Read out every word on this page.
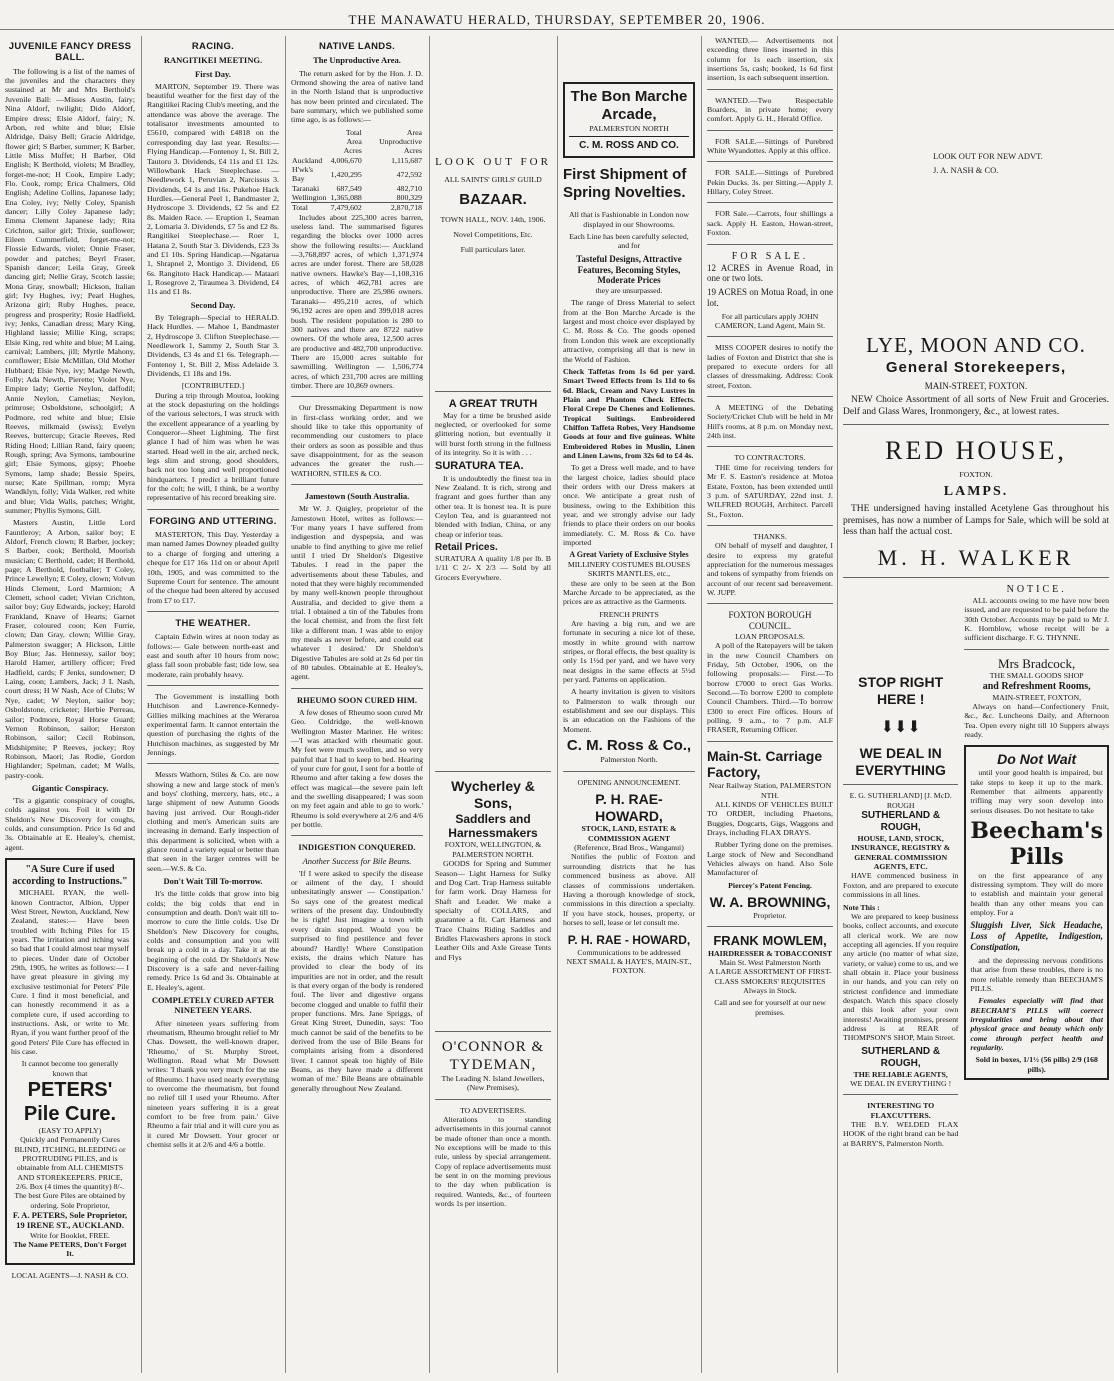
THE MANAWATU HERALD, THURSDAY, SEPTEMBER 20, 1906.
JUVENILE FANCY DRESS BALL.

The following is a list of the names of the juveniles and the characters they sustained at Mr and Mrs Berthold's Juvenile Ball: —Misses Austin, fairy; Nina Aldorf, twilight; Dido Aldorf, Empire dress; Elsie Aldorf, fairy; N. Arbon, red white and blue; Elsie Aldridge, Daisy Bell; Gracie Aldridge, flower girl; S Barber, summer; K Barber, Little Miss Muffet; H Barber, Old English; K Berthold, violets; M Bradley, forget-me-not; H Cook, Empire Lady; Flo. Cook, romp; Erica Chalmers, Old English; Adeline Collins, Japanese lady; Ena Coley, ivy; Nelly Coley, Spanish dancer; Lilly Coley Japanese lady; Emma Clement Japanese lady; Rita Crichton, sailor girl; Trixie, sunflower; Eileen Cummerfield, forget-me-not; Flossie Edwards, violet; Onnie Fraser, powder and patches; Beyrl Fraser, Spanish dancer; Leila Gray, Greek dancing girl; Nellie Gray, Scotch lassie; Mona Gray, snowball; Hickson, Italian girl; Ivy Hughes, ivy; Pearl Hughes, Arizona girl; Ruby Hughes, peace, progress and prosperity; Rosie Hadfield, ivy; Jenks, Canadian dress; Mary King, Highland lassie; Millie King, scraps; Elsie King, red white and blue; M Laing, carnival; Lambers, jill; Myrtle Mahony, cornflower; Elsie McMillan, Old Mother Hubbard; Elsie Nye, ivy; Madge Newth, Folly; Ada Newth, Pierette; Violet Nye, Empire lady; Gertie Neylon, daffodil; Annie Neylon, Camelias; Neylon, primrose; Osboldstone, schoolgirl; A Podmore, red white and blue; Elsie Reeves, milkmaid (swiss); Evelyn Reeves, buttercup; Gracie Reeves, Red Riding Hood; Lillian Rand, fairy queen; Rough, spring; Ava Symons, tambourine girl; Elsie Symons, gipsy; Phoebe Symons, lamp shade; Bessie Speirs, nurse; Kate Spillman, romp; Myra Wandklyn, folly; Vida Walker, red white and blue; Vida Walls, patches; Wright, summer; Phyllis Symons, Gill.

Masters Austin, Little Lord Fauntleroy; A Arbon, sailor boy; E Aldorf, French clown; R Barber, jockey; S Barber, cook; Berthold, Moorish musician; C Berthold, cadet; H Berthold, page; A Berthold, footballer; T Coley, Prince Lewellyn; E Coley, clown; Volvun Hinds Clement, Lord Marmion; A Clemett, school cadet; Vivian Crichton, sailor boy; Guy Edwards, jockey; Harold Frankland, Knave of Hearts; Garnet Fraser, coloured coon; Ken Furrie, clown; Dan Gray, clown; Willie Gray, Palmerston swagger; A Hickson, Little Boy Blue; Jas. Hennessy, sailor boy; Harold Hamer, artillery officer; Fred Hadfield, cards; F Jenks, sundowner; D Laing, coon; Lambers, Jack; J L Nash, court dress; H W Nash, Ace of Clubs; W Nye, cadet; W Neylon, sailor boy; Osboldstone, cricketer; Herbie Perreau, sailor; Podmore, Royal Horse Guard; Vernon Robinson, sailor; Herston Robinson, sailor; Cecil Robinson, Midshipmite; P Reeves, jockey; Roy Robinson, Maori; Jas Rodie, Gordon Highlander; Spelman, cadet; M Walls, pastry-cook.

Gigantic Conspiracy.

'Tis a gigantic conspiracy of coughs, colds against you. Foil it with Dr Sheldon's New Discovery for coughs, colds, and consumption. Price 1s 6d and 3s. Obtainable at E. Healey's, chemist, agent.

"A Sure Cure if used according to Instructions."

MICHAEL RYAN, the well-known Contractor, Albion, Upper West Street, Newton, Auckland, New Zealand, states:— Have been troubled with Itching Piles for 15 years. The irritation and itching was so bad that I could almost tear myself to pieces. Under date of October 29th, 1905, he writes as follows:— I have great pleasure in giving my exclusive testimonial for Peters' Pile Cure. I find it most beneficial, and can honestly recommend it as a complete cure, if used according to instructions. Ask, or write to Mr. Ryan, if you want further proof of the good Peters' Pile Cure has effected in his case.

It cannot become too generally known that
PETERS' Pile Cure.
(EASY TO APPLY)
Quickly and Permanently Cures BLIND, ITCHING, BLEEDING or PROTRUDING PILES, and is obtainable from ALL CHEMISTS AND STOREKEEPERS. PRICE, 2/6. Box (4 times the quantity) 8/-. The best Gure Piles are obtained by ordering. Sole Proprietor,
F. A. PETERS, Sole Proprietor,
19 IRENE ST., AUCKLAND.
Write for Booklet, FREE.
The Name PETERS, Don't Forget It.
LOCAL AGENTS—J. NASH & CO.
RACING.
RANGITIKEI MEETING.
First Day.

MARTON, September 19. There was beautiful weather for the first day of the Rangitikei Racing Club's meeting, and the attendance was above the average. The totalisator investments amounted to £5610, compared with £4818 on the corresponding day last year. Results:— Flying Handicap.—Fontenoy 1, St. Bill 2, Tautoru 3. Dividends, £4 11s and £1 12s. Willowbank Hack Steeplechase. —Needlework 1, Peruvian 2, Narcissus 3. Dividends, £4 1s and 16s. Pukehoe Hack Hurdles.—General Peel 1, Bandmaster 2, Hydroscope 3. Dividends, £2 5s and £2 8s. Maiden Race. — Eruption 1, Seaman 2, Lomaria 3. Dividends, £7 5s and £2 8s. Rangitikei Steeplechase.— Roer 1, Hatana 2, South Star 3. Dividends, £23 3s and £1 10s. Spring Handicap.—Ngatarua 1, Shrapnel 2, Montigo 3. Dividend, £6 6s. Rangitoto Hack Handicap.— Mataari 1, Rosegrove 2, Tiraumea 3. Dividend, £4 11s and £1 8s.

Second Day.

By Telegraph—Special to HERALD. Hack Hurdles. — Mahoe 1, Bandmaster 2, Hydroscope 3. Clifton Steeplechase.— Needlework 1, Sammy 2, South Star 3. Dividends, £3 4s and £1 6s. Telegraph.— Fontenoy 1, St. Bill 2, Miss Adelaide 3. Dividends, £1 18s and 19s.

[CONTRIBUTED.]

During a trip through Moutoa, looking at the stock depasturing on the holdings of the various selectors, I was struck with the excellent appearance of a yearling by Conqueror—Sheet Lightning. The first glance I had of him was when he was started. Head well in the air, arched neck, legs slim and strong, good shoulders, back not too long and well proportioned hindquarters. I predict a brilliant future for the colt; he will, I think, be a worthy representative of his record breaking sire.

FORGING AND UTTERING.

MASTERTON, This Day. Yesterday a man named James Downey pleaded guilty to a charge of forging and uttering a cheque for £17 16s 11d on or about April 10th, 1905, and was committed to the Supreme Court for sentence. The amount of the cheque had been altered by accused from £7 to £17.

THE WEATHER.

Captain Edwin wires at noon today as follows:— Gale between north-east and east and south after 10 hours from now; glass fall soon probable fast; tide low, sea moderate, rain probably heavy.

The Government is installing both Hutchison and Lawrence-Kennedy-Gillies milking machines at the Weraroa experimental farm. It cannot entertain the question of purchasing the rights of the Hutchison machines, as suggested by Mr Jennings.

Messrs Wathorn, Stiles & Co. are now showing a new and large stock of men's and boys' clothing, mercery, hats, etc., a large shipment of new Autumn Goods having just arrived. Our Rough-rider clothing and men's American suits are increasing in demand. Early inspection of this department is solicited, when with a glance round a variety equal or better than that seen in the larger centres will be seen.—W.S. & Co.

Don't Wait Till To-morrow.

It's the little colds that grow into big colds; the big colds that end in consumption and death. Don't wait till to-morrow to cure the little colds. Use Dr Sheldon's New Discovery for coughs, colds and consumption and you will break up a cold in a day. Take it at the beginning of the cold. Dr Sheldon's New Discovery is a safe and never-failing remedy. Price 1s 6d and 3s. Obtainable at E. Healey's, agent.

COMPLETELY CURED AFTER NINETEEN YEARS.

After nineteen years suffering from rheumatism, Rheumo brought relief to Mr Chas. Dowsett, the well-known draper, 'Rheumo,' of St. Murphy Street, Wellington. Read what Mr Dowsett writes: 'I thank you very much for the use of Rheumo. I have used nearly everything to overcome the rheumatism, but found no relief till I used your Rheumo. After nineteen years suffering it is a great comfort to be free from pain.' Give Rheumo a fair trial and it will cure you as it cured Mr Dowsett. Your grocer or chemist sells it at 2/6 and 4/6 a bottle.

NATIVE LANDS.
The Unproductive Area.

The return asked for by the Hon. J. D. Ormond showing the area of native land in the North Island that is unproductive has now been printed and circulated. The bare summary, which we published some time ago, is as follows:—

	Total Area	Area Unproductive
	Acres	Acres
Auckland	4,006,670	1,115,687
H'wk's Bay	1,420,295	472,592
Taranaki	687,549	482,710
Wellington	1,365,088	800,329
Total	7,479,602	2,870,718

Includes about 225,300 acres barren, useless land. The summarised figures regarding the blocks over 1000 acres show the following results:— Auckland—3,768,897 acres, of which 1,371,974 acres are under forest. There are 58,028 native owners. Hawke's Bay—1,108,316 acres, of which 462,781 acres are unproductive. There are 25,986 owners. Taranaki— 495,210 acres, of which 96,192 acres are open and 399,018 acres bush. The resident population is 280 to 300 natives and there are 8722 native owners. Of the whole area, 12,500 acres are productive and 482,700 unproductive. There are 15,000 acres suitable for sawmilling. Wellington — 1,506,774 acres, of which 231,700 acres are milling timber. There are 10,869 owners.

Our Dressmaking Department is now in first-class working order, and we should like to take this opportunity of recommending our customers to place their orders as soon as possible and thus save disappointment, for as the season advances the greater the rush.—WATHORN, STILES & CO.

Jamestown (South Australia.

Mr W. J. Quigley, proprietor of the Jamestown Hotel, writes as follows:— 'For many years I have suffered from indigestion and dyspepsia, and was unable to find anything to give me relief until I tried Dr Sheldon's Digestive Tabules. I read in the paper the advertisements about these Tabules, and noted that they were highly recommended by many well-known people throughout Australia, and decided to give them a trial. I obtained a tin of the Tabules from the local chemist, and from the first felt like a different man. I was able to enjoy my meals as never before, and could eat whatever I desired.' Dr Sheldon's Digestive Tabules are sold at 2s 6d per tin of 80 tabules. Obtainable at E. Healey's, agent.

RHEUMO SOON CURED HIM.

A few doses of Rheumo soon cured Mr Geo. Coldridge, the well-known Wellington Master Mariner. He writes:—'I was attacked with rheumatic gout. My feet were much swollen, and so very painful that I had to keep to bed. Hearing of your cure for gout, I sent for a bottle of Rheumo and after taking a few doses the effect was magical—the severe pain left and the swelling disappeared; I was soon on my feet again and able to go to work.' Rheumo is sold everywhere at 2/6 and 4/6 per bottle.

INDIGESTION CONQUERED.
Another Success for Bile Beans.

'If I were asked to specify the disease or ailment of the day, I should unhesitatingly answer — Constipation.' So says one of the greatest medical writers of the present day. Undoubtedly he is right! Just imagine a town with every drain stopped. Would you be surprised to find pestilence and fever abound? Hardly! Where Constipation exists, the drains which Nature has provided to clear the body of its impurities are not in order, and the result is that every organ of the body is rendered foul. The liver and digestive organs become clogged and unable to fulfil their proper functions. Mrs. Jane Spriggs, of Great King Street, Dunedin, says: 'Too much cannot be said of the benefits to be derived from the use of Bile Beans for complaints arising from a disordered liver. I cannot speak too highly of Bile Beans, as they have made a different woman of me.' Bile Beans are obtainable generally throughout New Zealand.

LOOK OUT FOR
ALL SAINTS' GIRLS' GUILD
BAZAAR.
TOWN HALL, NOV. 14th, 1906.
Novel Competitions, Etc.
Full particulars later.
A GREAT TRUTH

May for a time be brushed aside neglected, or overlooked for some glittering notion, but eventually it will burst forth strong in the fullness of its integrity. So it is with . . .

SURATURA TEA.

It is undoubtedly the finest tea in New Zealand. It is rich, strong and fragrant and goes further than any other tea. It is honest tea. It is pure Ceylon Tea, and is guaranteed not blended with Indian, China, or any cheap or inferior teas.

Retail Prices.

SURATURA A quality 1/8 per lb. B 1/11 C 2/- X 2/3 — Sold by all Grocers Everywhere.

Wycherley & Sons,
Saddlers and Harnessmakers
FOXTON, WELLINGTON, & PALMERSTON NORTH.

GOODS for Spring and Summer Season— Light Harness for Sulky and Dog Cart. Trap Harness suitable for farm work. Dray Harness for Shaft and Leader. We make a specialty of COLLARS, and guarantee a fit. Cart Harness and Trace Chains Riding Saddles and Bridles Flaxwashers aprons in stock Leather Oils and Axle Grease Tents and Flys

O'CONNOR & TYDEMAN,
The Leading N. Island Jewellers, (New Premises),
TO ADVERTISERS.

Alterations to standing advertisements in this journal cannot be made oftener than once a month. No exceptions will be made to this rule, unless by special arrangement. Copy of replace advertisements must be sent in on the morning previous to the day when publication is required. Wanteds, &c., of fourteen words 1s per insertion.

The Bon Marche Arcade,
PALMERSTON NORTH
C. M. ROSS AND CO.
First Shipment of Spring Novelties.

All that is Fashionable in London now displayed in our Showrooms.

Each Line has been carefully selected, and for

Tasteful Designs, Attractive Features, Becoming Styles, Moderate Prices

they are unsurpassed.

The range of Dress Material to select from at the Bon Marche Arcade is the largest and most choice ever displayed by C. M. Ross & Co. The goods opened from London this week are exceptionally attractive, comprising all that is new in the World of Fashion.

Check Taffetas from 1s 6d per yard. Smart Tweed Effects from 1s 11d to 6s 6d. Black, Cream and Navy Lustres in Plain and Phantom Check Effects. Floral Crepe De Chenes and Eoliennes. Tropical Suitings. Embroidered Chiffon Taffeta Robes, Very Handsome Goods at four and five guineas. White Embroidered Robes in Muslin, Linen and Linen Lawns, from 32s 6d to £4 4s.

To get a Dress well made, and to have the largest choice, ladies should place their orders with our Dress makers at once. We anticipate a great rush of business, owing to the Exhibition this year, and we strongly advise our lady friends to place their orders on our books immediately. C. M. Ross & Co. have imported

A Great Variety of Exclusive Styles
MILLINERY COSTUMES BLOUSES SKIRTS MANTLES, etc.,

these are only to be seen at the Bon Marche Arcade to be appreciated, as the prices are as attractive as the Garments.

FRENCH PRINTS

Are having a big run, and we are fortunate in securing a nice lot of these, mostly in white ground with narrow stripes, or floral effects, the best quality is only 1s 1½d per yard, and we have very neat designs in the same effects at 5½d per yard. Patterns on application.

A hearty invitation is given to visitors to Palmerston to walk through our establishment and see our displays. This is an education on the Fashions of the Moment.

C. M. Ross & Co.,
Palmerston North.
OPENING ANNOUNCEMENT.
P. H. RAE-HOWARD,
STOCK, LAND, ESTATE & COMMISSION AGENT
(Reference, Brad Bros., Wanganui)

Notifies the public of Foxton and surrounding districts that he has commenced business as above. All classes of commissions undertaken. Having a thorough knowledge of stock, commissions in this direction a specialty. If you have stock, houses, property, or horses to sell, lease or let consult me.

P. H. RAE - HOWARD,
Communications to be addressed
NEXT SMALL & HAYE'S, MAIN-ST., FOXTON.

WANTED.— Advertisements not exceeding three lines inserted in this column for 1s each insertion, six insertions 5s, cash; booked, 1s 6d first insertion, 1s each subsequent insertion.

WANTED.—Two Respectable Boarders, in private home; every comfort. Apply G. H., Herald Office.

FOR SALE.—Sittings of Purebred White Wyandottes. Apply at this office.

FOR SALE.—Sittings of Purebred Pekin Ducks. 3s. per Sitting.—Apply J. Hillary, Coley Street.

FOR Sale.—Carrots, four shillings a sack. Apply H. Easton, Howan-street, Foxton.

FOR SALE.

12 ACRES in Avenue Road, in one or two lots.

19 ACRES on Motua Road, in one lot.

For all particulars apply JOHN CAMERON, Land Agent, Main St.

MISS COOPER desires to notify the ladies of Foxton and District that she is prepared to execute orders for all classes of dressmaking. Address: Cook street, Foxton.

A MEETING of the Debating Society/Cricket Club will be held in Mr Hill's rooms, at 8 p.m. on Monday next, 24th inst.

TO CONTRACTORS.

THE time for receiving tenders for Mr F. S. Easton's residence at Motoa Estate, Foxton, has been extended until 3 p.m. of SATURDAY, 22nd inst. J. WILFRED ROUGH, Architect. Parcell St., Foxton.

THANKS.

ON behalf of myself and daughter, I desire to express my grateful appreciation for the numerous messages and tokens of sympathy from friends on account of our recent sad bereavement. W. JUPP.

FOXTON BOROUGH COUNCIL.
LOAN PROPOSALS.

A poll of the Ratepayers will be taken in the new Council Chambers on Friday, 5th October, 1906, on the following proposals:— First.—To borrow £7000 to erect Gas Works. Second.—To borrow £200 to complete Council Chambers. Third.—To borrow £300 to erect Fire offices. Hours of polling, 9 a.m., to 7 p.m. ALF FRASER, Returning Officer.

Main-St. Carriage Factory,
Near Railway Station, PALMERSTON NTH.

ALL KINDS OF VEHICLES BUILT TO ORDER, including Phaetons, Buggies, Dogcarts, Gigs, Waggons and Drays, including FLAX DRAYS.

Rubber Tyring done on the premises. Large stock of New and Secondhand Vehicles always on hand. Also Sole Manufacturer of

Piercey's Patent Fencing.
W. A. BROWNING,
Proprietor.
FRANK MOWLEM,
HAIRDRESSER & TOBACCONIST
Main St. West Palmerston North

A LARGE ASSORTMENT OF FIRST-CLASS SMOKERS' REQUISITES Always in Stock.

Call and see for yourself at our new premises.

LOOK OUT FOR NEW ADVT.
J. A. NASH & CO.
LYE, MOON AND CO.
General Storekeepers,
MAIN-STREET, FOXTON.

NEW Choice Assortment of all sorts of New Fruit and Groceries. Delf and Glass Wares, Ironmongery, &c., at lowest rates.

RED HOUSE,
FOXTON.
LAMPS.

THE undersigned having installed Acetylene Gas throughout his premises, has now a number of Lamps for Sale, which will be sold at less than half the actual cost.

M. H. WALKER
STOP RIGHT HERE !
⬇⬇⬇
WE DEAL IN EVERYTHING
E. G. SUTHERLAND] [J. McD. ROUGH
SUTHERLAND & ROUGH,
HOUSE, LAND, STOCK, INSURANCE, REGISTRY & GENERAL COMMISSION AGENTS, ETC.

HAVE commenced business in Foxton, and are prepared to execute commissions in all lines.

Note This :

We are prepared to keep business books, collect accounts, and execute all clerical work. We are now accepting all agencies. If you require any article (no matter of what size, variety, or value) come to us, and we shall obtain it. Place your business in our hands, and you can rely on strictest confidence and immediate despatch. Watch this space closely and this look after your own interests! Awaiting promises, present address is at REAR of THOMPSON'S SHOP, Main Street.

SUTHERLAND & ROUGH,
THE RELIABLE AGENTS,
WE DEAL IN EVERYTHING !
INTERESTING TO FLAXCUTTERS.

THE B.Y. WELDED FLAX HOOK of the right brand can be had at BARRY'S, Palmerston North.

NOTICE.

ALL accounts owing to me have now been issued, and are requested to be paid before the 30th October. Accounts may be paid to Mr J. K. Hornblow, whose receipt will be a sufficient discharge. F. G. THYNNE.

Mrs Bradcock,
THE SMALL GOODS SHOP
and Refreshment Rooms,
MAIN-STREET, FOXTON,

Always on hand—Confectionery Fruit, &c., &c. Luncheons Daily, and Afternoon Tea. Open every night till 10 Suppers always ready.

Do Not Wait

until your good health is impaired, but take steps to keep it up to the mark. Remember that ailments apparently trifling may very soon develop into serious diseases. Do not hesitate to take

Beecham's Pills

on the first appearance of any distressing symptom. They will do more to establish and maintain your general health than any other means you can employ. For a

Sluggish Liver, Sick Headache, Loss of Appetite, Indigestion, Constipation,

and the depressing nervous conditions that arise from these troubles, there is no more reliable remedy than BEECHAM'S PILLS.

Females especially will find that BEECHAM'S PILLS will correct irregularities and bring about that physical grace and beauty which only come through perfect health and regularity.

Sold in boxes, 1/1½ (56 pills) 2/9 (168 pills).
